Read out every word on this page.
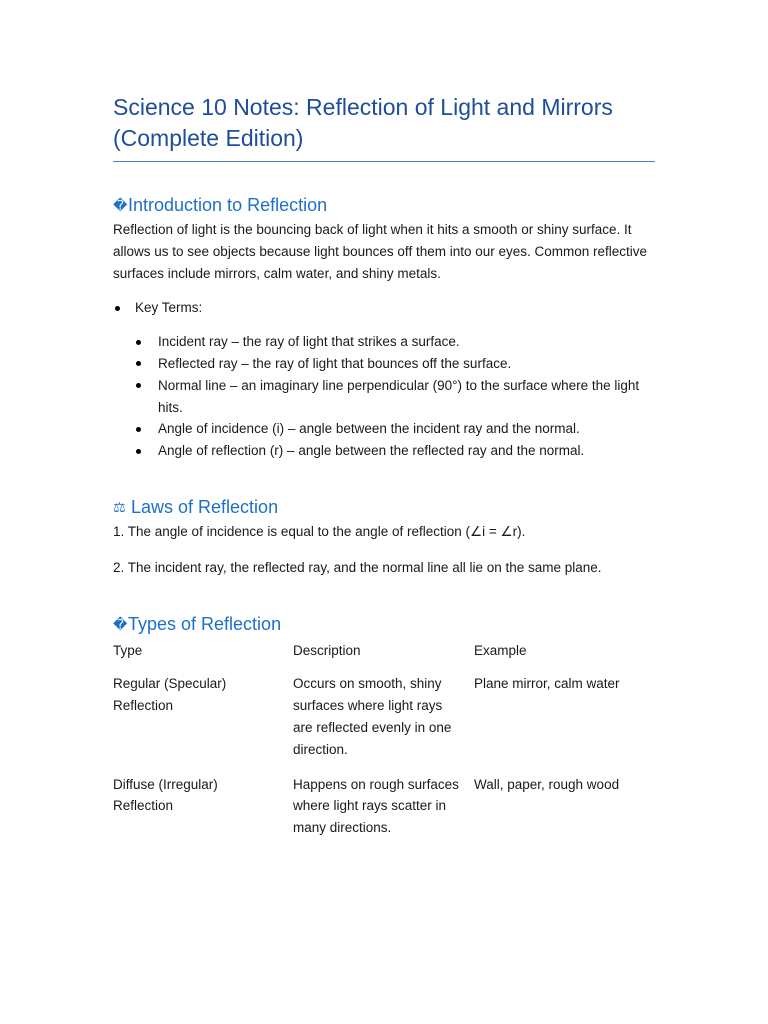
Science 10 Notes: Reflection of Light and Mirrors (Complete Edition)
� Introduction to Reflection

Reflection of light is the bouncing back of light when it hits a smooth or shiny surface. It allows us to see objects because light bounces off them into our eyes. Common reflective surfaces include mirrors, calm water, and shiny metals.

Key Terms:
Incident ray – the ray of light that strikes a surface.
Reflected ray – the ray of light that bounces off the surface.
Normal line – an imaginary line perpendicular (90°) to the surface where the light hits.
Angle of incidence (i) – angle between the incident ray and the normal.
Angle of reflection (r) – angle between the reflected ray and the normal.
⚖ Laws of Reflection

1. The angle of incidence is equal to the angle of reflection (∠i = ∠r).

2. The incident ray, the reflected ray, and the normal line all lie on the same plane.

� Types of Reflection
Type	Description	Example
Regular (Specular) Reflection	Occurs on smooth, shiny surfaces where light rays are reflected evenly in one direction.	Plane mirror, calm water
Diffuse (Irregular) Reflection	Happens on rough surfaces where light rays scatter in many directions.	Wall, paper, rough wood
